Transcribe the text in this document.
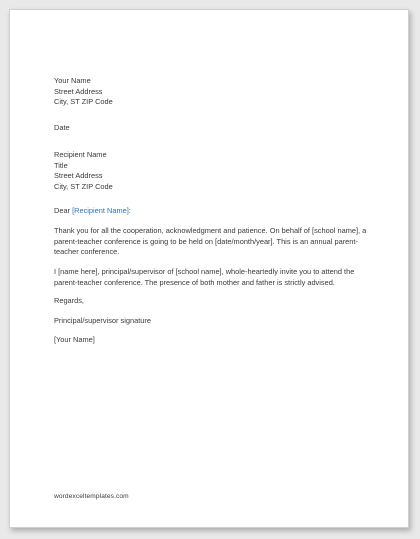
Your Name
Street Address
City, ST ZIP Code
Date
Recipient Name
Title
Street Address
City, ST ZIP Code
Dear [Recipient Name]:
Thank you for all the cooperation, acknowledgment and patience. On behalf of [school name], a parent-teacher conference is going to be held on [date/month/year]. This is an annual parent-teacher conference.
I [name here], principal/supervisor of [school name], whole-heartedly invite you to attend the parent-teacher conference. The presence of both mother and father is strictly advised.
Regards,
Principal/supervisor signature
[Your Name]
wordexceltemplates.com
